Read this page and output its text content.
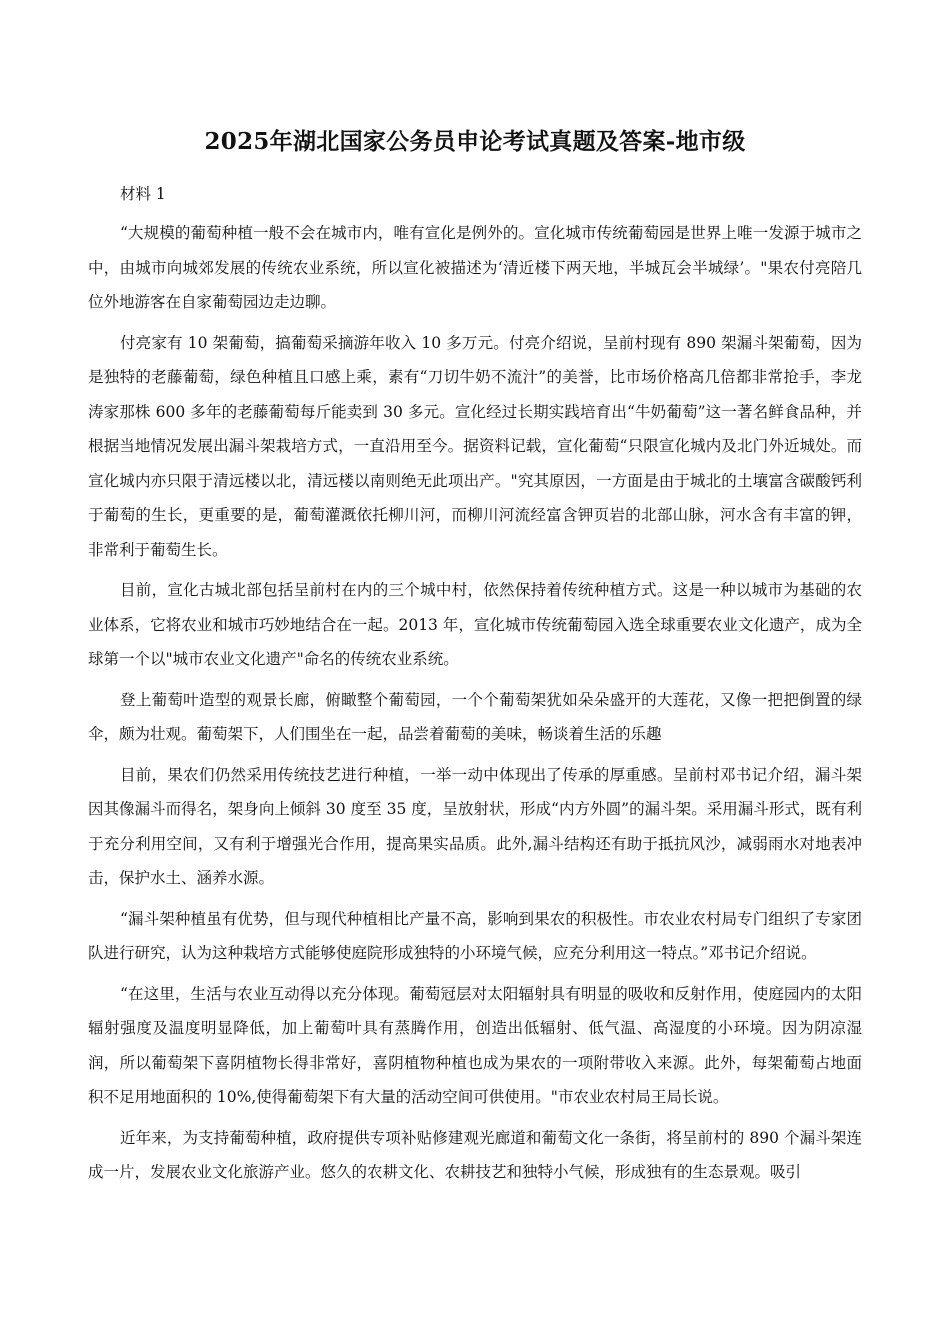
2025年湖北国家公务员申论考试真题及答案-地市级
材料 1

“大规模的葡萄种植一般不会在城市内，唯有宣化是例外的。宣化城市传统葡萄园是世界上唯一发源于城市之中，由城市向城郊发展的传统农业系统，所以宣化被描述为‘清近楼下两天地，半城瓦会半城绿’。"果农付亮陪几位外地游客在自家葡萄园边走边聊。

付亮家有 10 架葡萄，搞葡萄采摘游年收入 10 多万元。付亮介绍说，呈前村现有 890 架漏斗架葡萄，因为是独特的老藤葡萄，绿色种植且口感上乘，素有“刀切牛奶不流汁”的美誉，比市场价格高几倍都非常抢手，李龙涛家那株 600 多年的老藤葡萄每斤能卖到 30 多元。宣化经过长期实践培育出“牛奶葡萄”这一著名鲜食品种，并根据当地情况发展出漏斗架栽培方式，一直沿用至今。据资料记载，宣化葡萄“只限宣化城内及北门外近城处。而宣化城内亦只限于清远楼以北，清远楼以南则绝无此项出产。"究其原因，一方面是由于城北的土壤富含碳酸钙利于葡萄的生长，更重要的是，葡萄灌溉依托柳川河，而柳川河流经富含钾页岩的北部山脉，河水含有丰富的钾，非常利于葡萄生长。

目前，宣化古城北部包括呈前村在内的三个城中村，依然保持着传统种植方式。这是一种以城市为基础的农业体系，它将农业和城市巧妙地结合在一起。2013 年，宣化城市传统葡萄园入选全球重要农业文化遗产，成为全球第一个以"城市农业文化遗产"命名的传统农业系统。

登上葡萄叶造型的观景长廊，俯瞰整个葡萄园，一个个葡萄架犹如朵朵盛开的大莲花，又像一把把倒置的绿伞，颇为壮观。葡萄架下，人们围坐在一起，品尝着葡萄的美味，畅谈着生活的乐趣

目前，果农们仍然采用传统技艺进行种植，一举一动中体现出了传承的厚重感。呈前村邓书记介绍，漏斗架因其像漏斗而得名，架身向上倾斜 30 度至 35 度，呈放射状，形成“内方外圆”的漏斗架。采用漏斗形式，既有利于充分利用空间，又有利于增强光合作用，提高果实品质。此外,漏斗结构还有助于抵抗风沙，减弱雨水对地表冲击，保护水土、涵养水源。

“漏斗架种植虽有优势，但与现代种植相比产量不高，影响到果农的积极性。市农业农村局专门组织了专家团队进行研究，认为这种栽培方式能够使庭院形成独特的小环境气候，应充分利用这一特点。”邓书记介绍说。

“在这里，生活与农业互动得以充分体现。葡萄冠层对太阳辐射具有明显的吸收和反射作用，使庭园内的太阳辐射强度及温度明显降低，加上葡萄叶具有蒸腾作用，创造出低辐射、低气温、高湿度的小环境。因为阴凉湿润，所以葡萄架下喜阴植物长得非常好，喜阴植物种植也成为果农的一项附带收入来源。此外，每架葡萄占地面积不足用地面积的 10%,使得葡萄架下有大量的活动空间可供使用。"市农业农村局王局长说。

近年来，为支持葡萄种植，政府提供专项补贴修建观光廊道和葡萄文化一条街，将呈前村的 890 个漏斗架连成一片，发展农业文化旅游产业。悠久的农耕文化、农耕技艺和独特小气候，形成独有的生态景观。吸引
